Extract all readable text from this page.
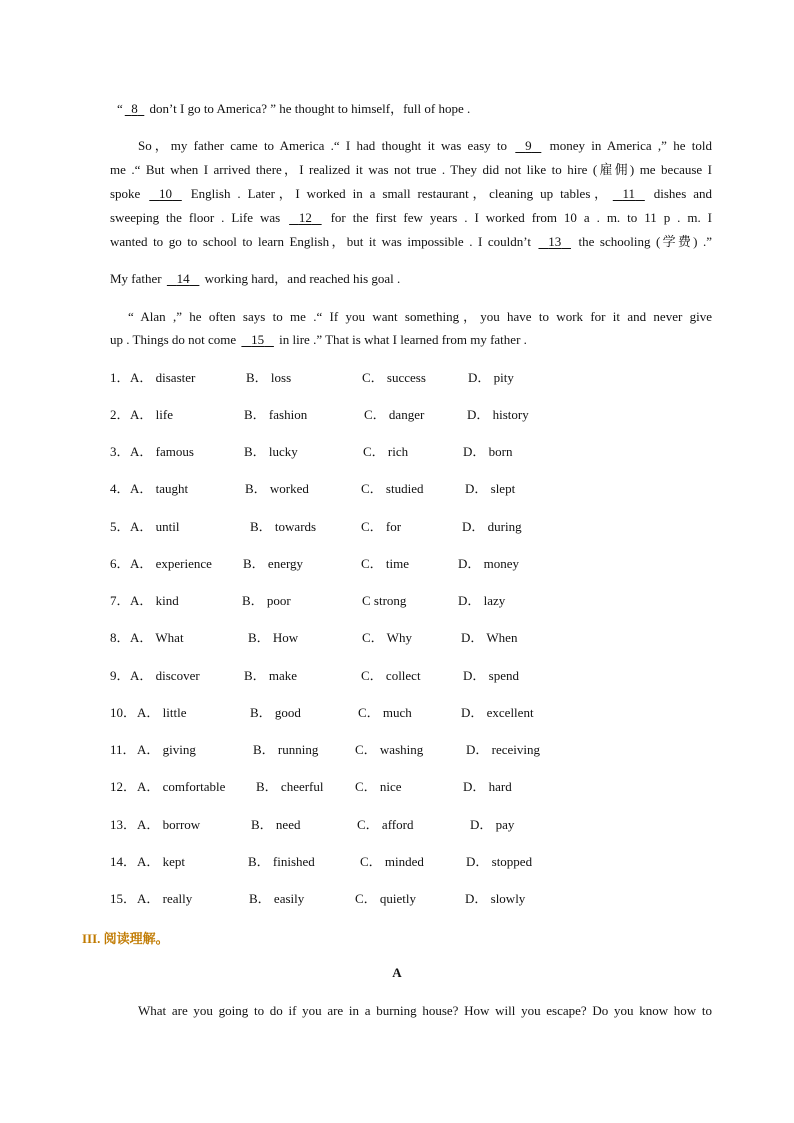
“ 8   don’t I go to America? ” he thought to himself，full of hope .
So，my father came to America .“ I had thought it was easy to    9    money in America ,” he told
me .“ But when I arrived there，I realized it was not true . They did not like to hire (雇佣) me because I
spoke    10    English . Later，I worked in a small restaurant，cleaning up tables， 11    dishes and
sweeping the floor . Life was    12    for the first few years . I worked from 10 a . m. to 11 p . m. I
wanted to go to school to learn English，but it was impossible . I couldn’t    13    the schooling (学费) .”
My father    14    working hard，and reached his goal .
“ Alan ,” he often says to me .“ If you want something，you have to work for it and never give
up . Things do not come    15    in lire .” That is what I learned from my father .
1． A． disaster	B． loss	C． success	D． pity
2． A． life	B． fashion	C． danger	D． history
3． A． famous	B． lucky	C． rich	D． born
4． A． taught	B． worked	C． studied	D． slept
5． A． until	B． towards	C． for	D． during
6． A． experience B． energy	C． time	D． money
7． A． kind	B． poor	C strong	D． lazy
8． A． What	B． How	C． Why	D． When
9． A． discover	B． make	C． collect	D． spend
10． A． little	B． good	C． much	D． excellent
11． A． giving	B． running	C． washing	D． receiving
12． A． comfortable B． cheerful C． nice	D． hard
13． A． borrow	B． need	C． afford	D． pay
14． A． kept	B． finished	C． minded	D． stopped
15． A． really	B． easily	C． quietly	D． slowly
III. 阅读理解。
A
What are you going to do if you are in a burning house? How will you escape? Do you know how to
